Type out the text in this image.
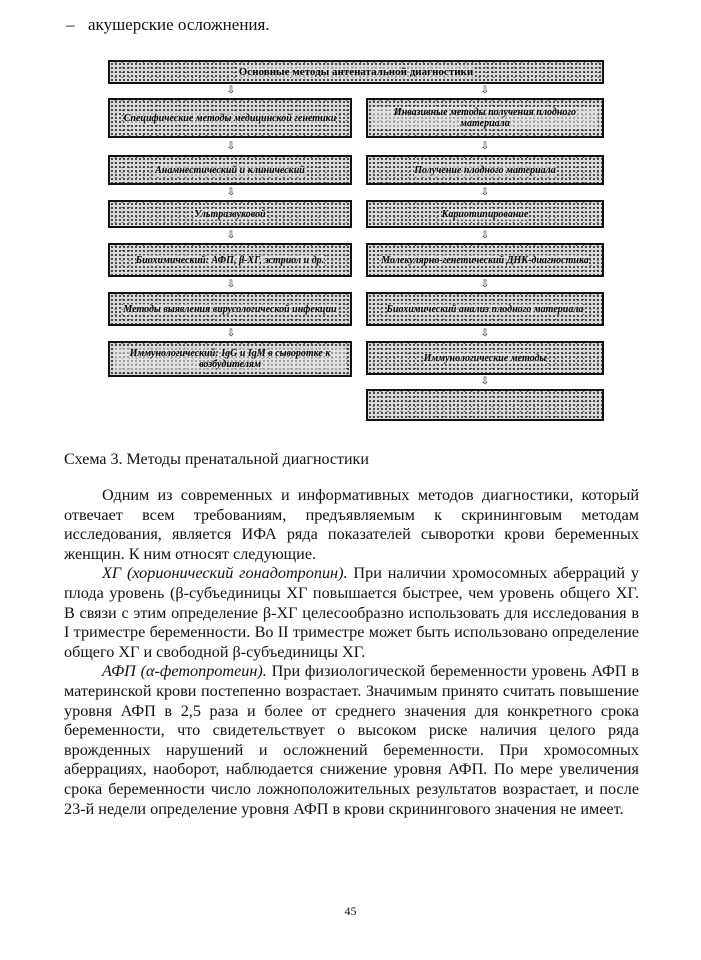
– акушерские осложнения.
Основные методы антенатальной диагностики
⇩
Специфические методы медицинской генетики
⇩
Анамнестический и клинический
⇩
Ультразвуковой
⇩
Биохимический: АФП, β-ХГ, эстриол и др.
⇩
Методы выявления вирусологической инфекции
⇩
Иммунологический: IgG и IgM в сыворотке к возбудителям
⇩
Инвазивные методы получения плодного материала
⇩
Получение плодного материала
⇩
Кариотипирование
⇩
Молекулярно-генетический ДНК-диагностика
⇩
Биохимический анализ плодного материала
⇩
Иммунологические методы
⇩
Схема 3. Методы пренатальной диагностики

Одним из современных и информативных методов диагностики, который отвечает всем требованиям, предъявляемым к скрининговым методам исследования, является ИФА ряда показателей сыворотки крови беременных женщин. К ним относят следующие.

ХГ (хорионический гонадотропин). При наличии хромосомных аберраций у плода уровень (β-субъединицы ХГ повышается быстрее, чем уровень общего ХГ. В связи с этим определение β-ХГ целесообразно использовать для исследования в I триместре беременности. Во II триместре может быть использовано определение общего ХГ и свободной β-субъединицы ХГ.

АФП (α-фетопротеин). При физиологической беременности уровень АФП в материнской крови постепенно возрастает. Значимым принято считать повышение уровня АФП в 2,5 раза и более от среднего значения для конкретного срока беременности, что свидетельствует о высоком риске наличия целого ряда врожденных нарушений и осложнений беременности. При хромосомных аберрациях, наоборот, наблюдается снижение уровня АФП. По мере увеличения срока беременности число ложноположительных результатов возрастает, и после 23-й недели определение уровня АФП в крови скринингового значения не имеет.

45
